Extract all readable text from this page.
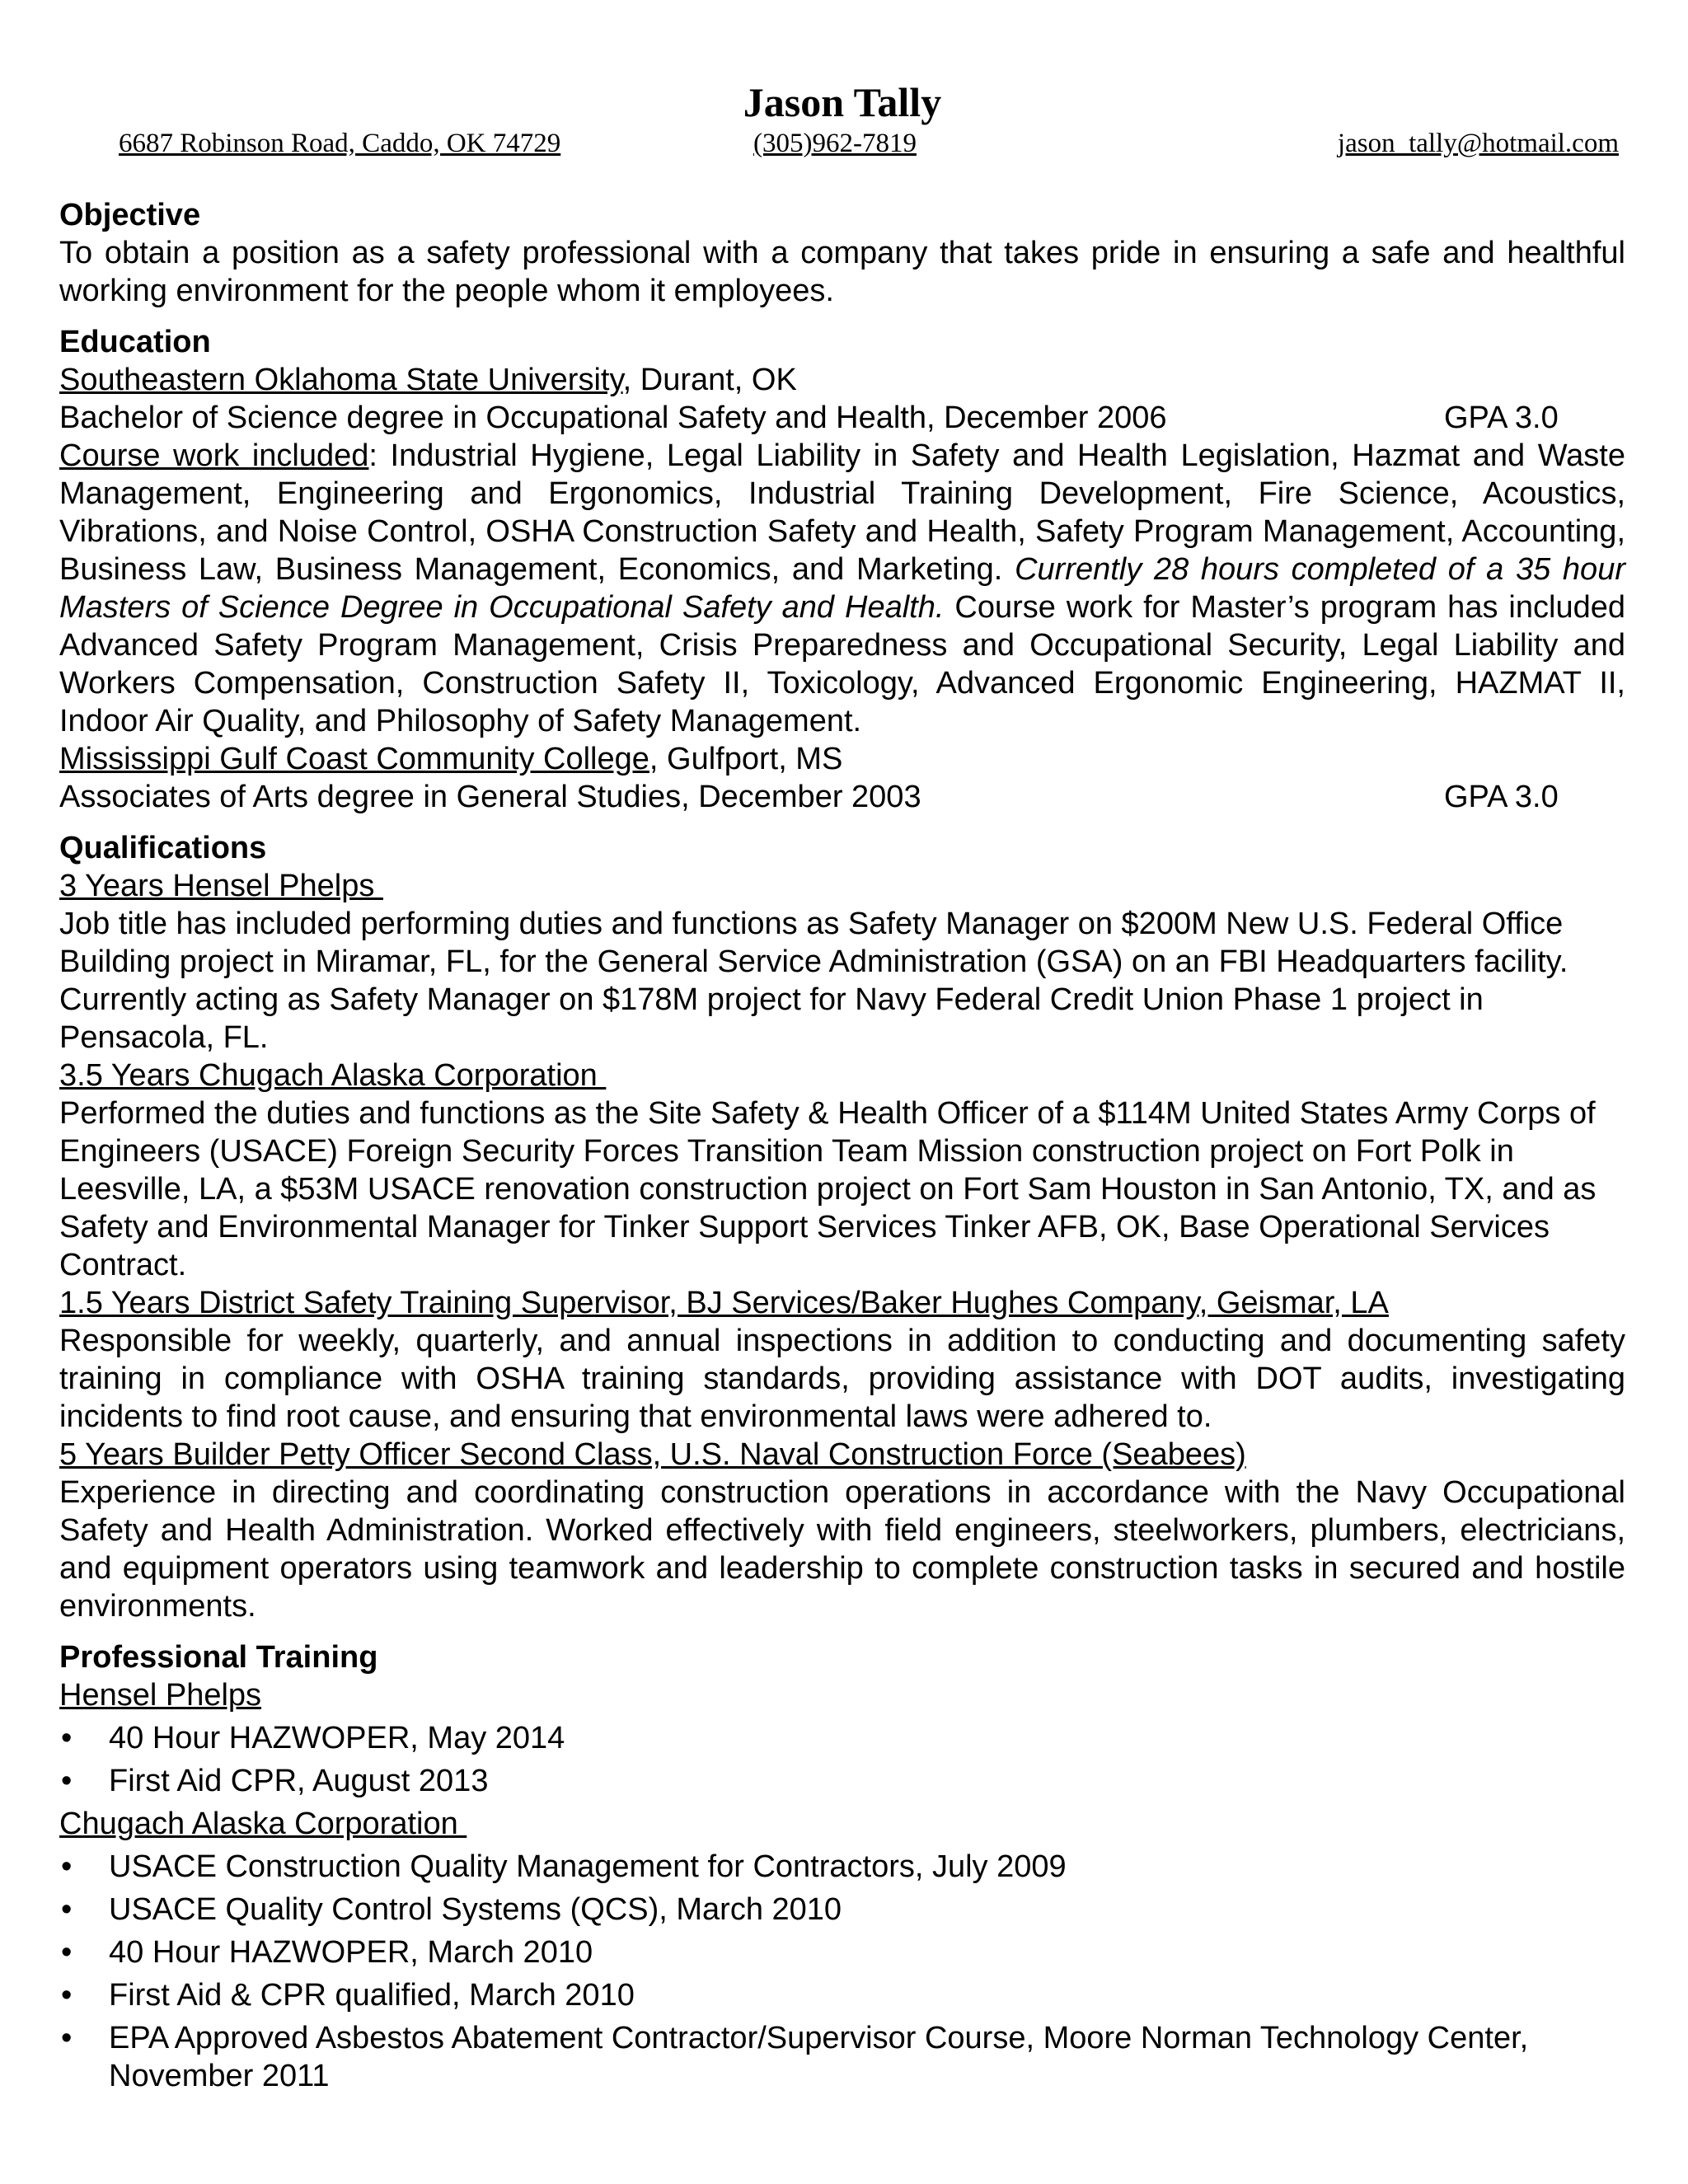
Jason Tally
6687 Robinson Road, Caddo, OK 74729	(305)962-7819	jason_tally@hotmail.com
Objective

To obtain a position as a safety professional with a company that takes pride in ensuring a safe and healthful working environment for the people whom it employees.

Education

Southeastern Oklahoma State University, Durant, OK

Bachelor of Science degree in Occupational Safety and Health, December 2006	GPA 3.0

Course work included: Industrial Hygiene, Legal Liability in Safety and Health Legislation, Hazmat and Waste Management, Engineering and Ergonomics, Industrial Training Development, Fire Science, Acoustics, Vibrations, and Noise Control, OSHA Construction Safety and Health, Safety Program Management, Accounting, Business Law, Business Management, Economics, and Marketing. Currently 28 hours completed of a 35 hour Masters of Science Degree in Occupational Safety and Health. Course work for Master’s program has included Advanced Safety Program Management, Crisis Preparedness and Occupational Security, Legal Liability and Workers Compensation, Construction Safety II, Toxicology, Advanced Ergonomic Engineering, HAZMAT II, Indoor Air Quality, and Philosophy of Safety Management.

Mississippi Gulf Coast Community College, Gulfport, MS

Associates of Arts degree in General Studies, December 2003	GPA 3.0
Qualifications

3 Years Hensel Phelps

Job title has included performing duties and functions as Safety Manager on $200M New U.S. Federal Office Building project in Miramar, FL, for the General Service Administration (GSA) on an FBI Headquarters facility. Currently acting as Safety Manager on $178M project for Navy Federal Credit Union Phase 1 project in Pensacola, FL.

3.5 Years Chugach Alaska Corporation

Performed the duties and functions as the Site Safety & Health Officer of a $114M United States Army Corps of Engineers (USACE) Foreign Security Forces Transition Team Mission construction project on Fort Polk in Leesville, LA, a $53M USACE renovation construction project on Fort Sam Houston in San Antonio, TX, and as Safety and Environmental Manager for Tinker Support Services Tinker AFB, OK, Base Operational Services Contract.

1.5 Years District Safety Training Supervisor, BJ Services/Baker Hughes Company, Geismar, LA

Responsible for weekly, quarterly, and annual inspections in addition to conducting and documenting safety training in compliance with OSHA training standards, providing assistance with DOT audits, investigating incidents to find root cause, and ensuring that environmental laws were adhered to.

5 Years Builder Petty Officer Second Class, U.S. Naval Construction Force (Seabees)

Experience in directing and coordinating construction operations in accordance with the Navy Occupational Safety and Health Administration. Worked effectively with field engineers, steelworkers, plumbers, electricians, and equipment operators using teamwork and leadership to complete construction tasks in secured and hostile environments.

Professional Training

Hensel Phelps

•	40 Hour HAZWOPER, May 2014
•	First Aid CPR, August 2013

Chugach Alaska Corporation

•	USACE Construction Quality Management for Contractors, July 2009
•	USACE Quality Control Systems (QCS), March 2010
•	40 Hour HAZWOPER, March 2010
•	First Aid & CPR qualified, March 2010
•	EPA Approved Asbestos Abatement Contractor/Supervisor Course, Moore Norman Technology Center, November 2011
